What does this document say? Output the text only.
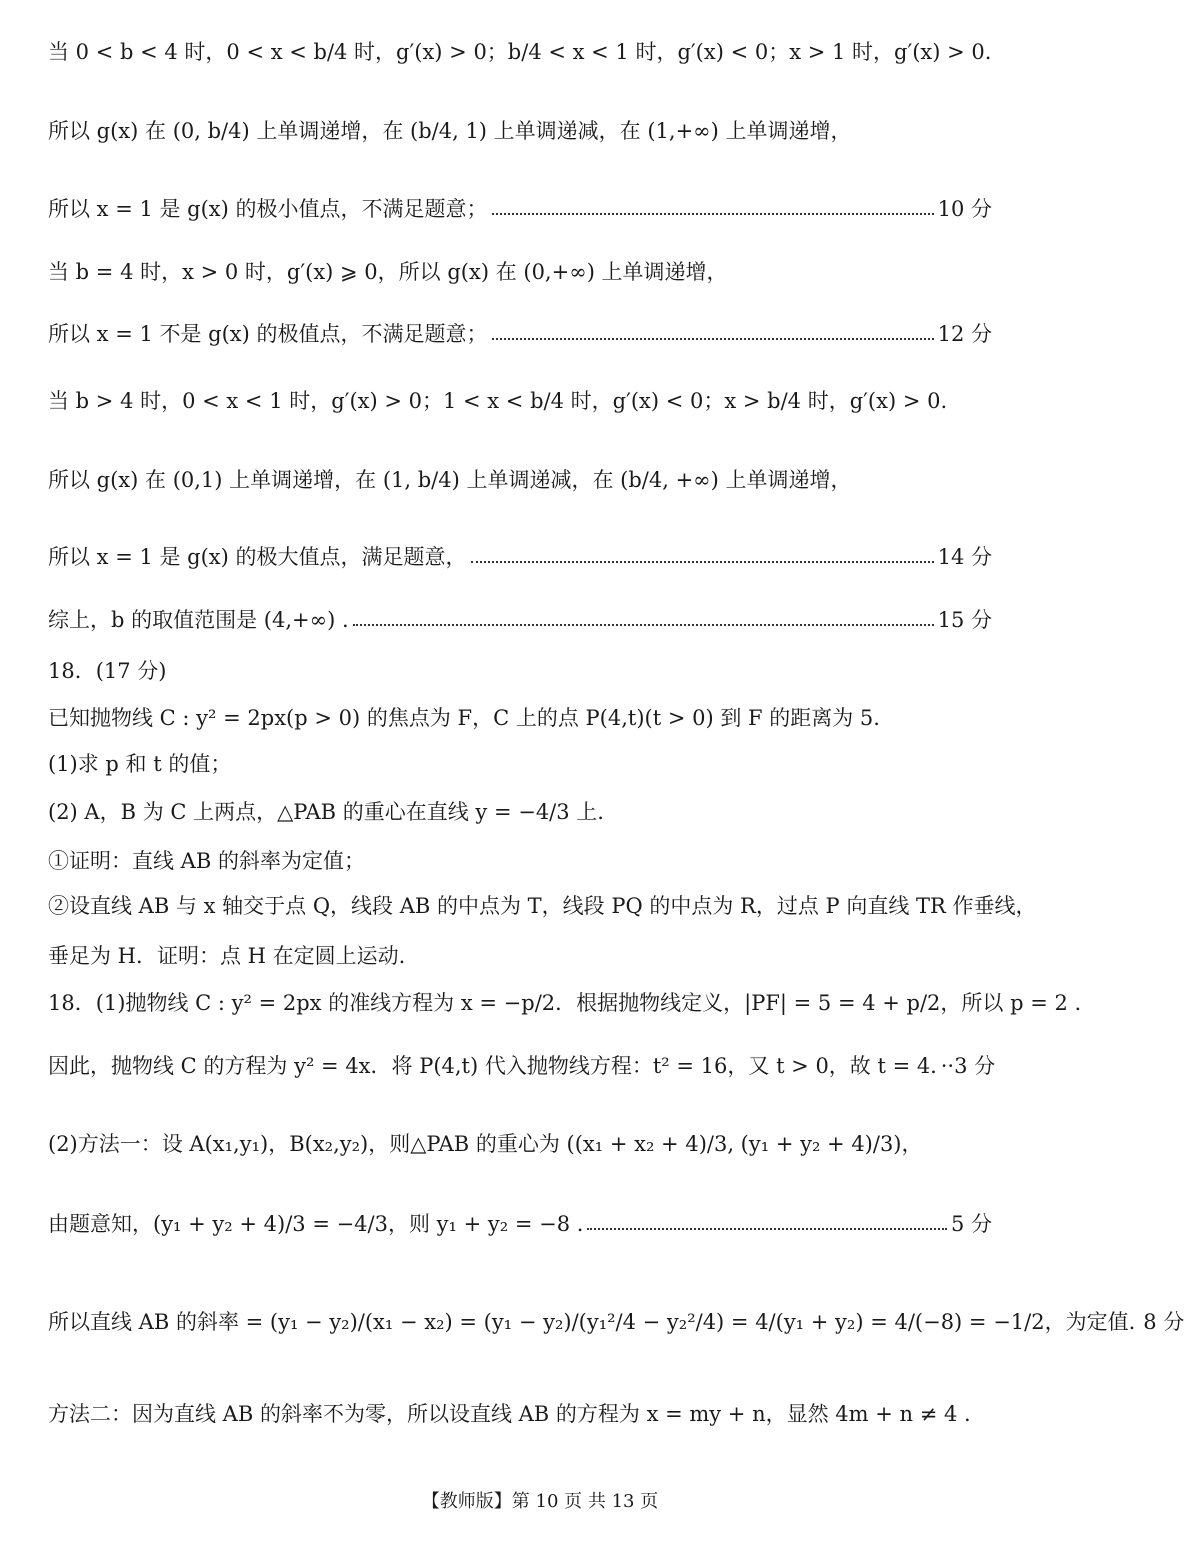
当 0 < b < 4 时，0 < x < b/4 时，g′(x) > 0；b/4 < x < 1 时，g′(x) < 0；x > 1 时，g′(x) > 0.
所以 g(x) 在 (0, b/4) 上单调递增，在 (b/4, 1) 上单调递减，在 (1,+∞) 上单调递增，
所以 x = 1 是 g(x) 的极小值点，不满足题意；	10 分
当 b = 4 时，x > 0 时，g′(x) ⩾ 0，所以 g(x) 在 (0,+∞) 上单调递增，
所以 x = 1 不是 g(x) 的极值点，不满足题意；	12 分
当 b > 4 时，0 < x < 1 时，g′(x) > 0；1 < x < b/4 时，g′(x) < 0；x > b/4 时，g′(x) > 0.
所以 g(x) 在 (0,1) 上单调递增，在 (1, b/4) 上单调递减，在 (b/4, +∞) 上单调递增，
所以 x = 1 是 g(x) 的极大值点，满足题意，	14 分
综上，b 的取值范围是 (4,+∞) .	15 分
18．(17 分)
已知抛物线 C : y² = 2px(p > 0) 的焦点为 F，C 上的点 P(4,t)(t > 0) 到 F 的距离为 5.
(1)求 p 和 t 的值；
(2) A，B 为 C 上两点，△PAB 的重心在直线 y = −4/3 上.
①证明：直线 AB 的斜率为定值；
②设直线 AB 与 x 轴交于点 Q，线段 AB 的中点为 T，线段 PQ 的中点为 R，过点 P 向直线 TR 作垂线，
垂足为 H．证明：点 H 在定圆上运动.
18．(1)抛物线 C : y² = 2px 的准线方程为 x = −p/2．根据抛物线定义，|PF| = 5 = 4 + p/2，所以 p = 2 .
因此，抛物线 C 的方程为 y² = 4x．将 P(4,t) 代入抛物线方程：t² = 16，又 t > 0，故 t = 4．··3 分
(2)方法一：设 A(x₁,y₁)，B(x₂,y₂)，则△PAB 的重心为 ((x₁ + x₂ + 4)/3, (y₁ + y₂ + 4)/3)，
由题意知，(y₁ + y₂ + 4)/3 = −4/3，则 y₁ + y₂ = −8 .	5 分
所以直线 AB 的斜率 = (y₁ − y₂)/(x₁ − x₂) = (y₁ − y₂)/(y₁²/4 − y₂²/4) = 4/(y₁ + y₂) = 4/(−8) = −1/2，为定值. 8 分
方法二：因为直线 AB 的斜率不为零，所以设直线 AB 的方程为 x = my + n，显然 4m + n ≠ 4 .
【教师版】第 10 页 共 13 页
